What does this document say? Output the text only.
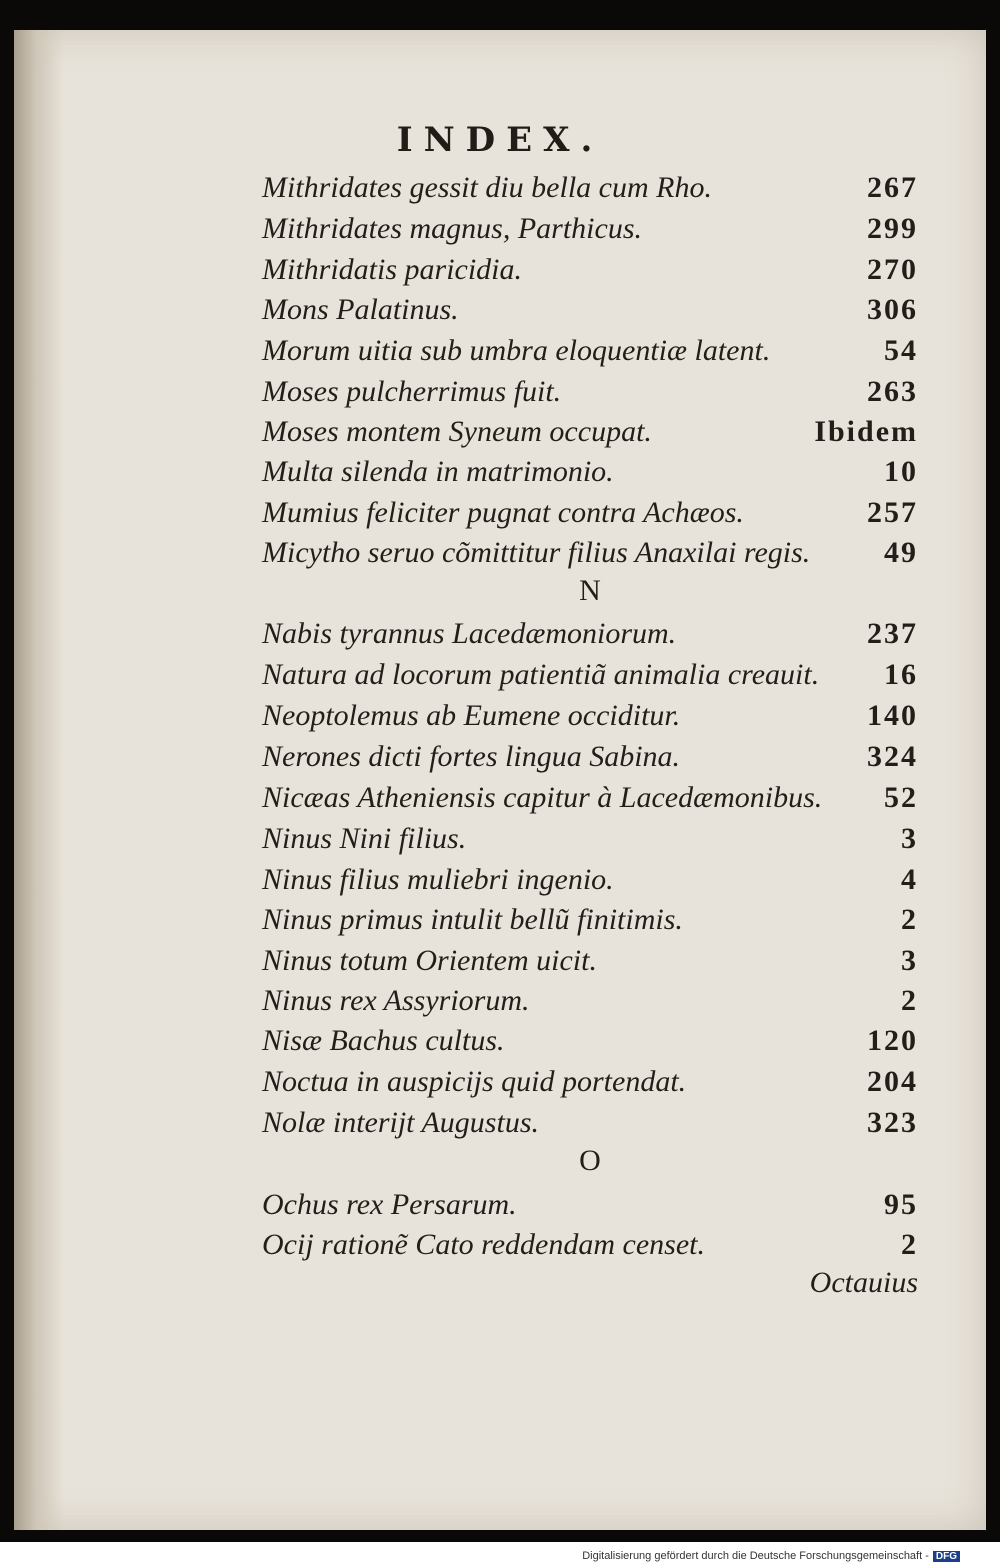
INDEX.
Mithridates gessit diu bella cum Rho.	267
Mithridates magnus, Parthicus.	299
Mithridatis paricidia.	270
Mons Palatinus.	306
Morum uitia sub umbra eloquentiæ latent.	54
Moses pulcherrimus fuit.	263
Moses montem Syneum occupat.	Ibidem
Multa silenda in matrimonio.	10
Mumius feliciter pugnat contra Achæos.	257
Micytho seruo cõmittitur filius Anaxilai regis. 49
N
Nabis tyrannus Lacedæmoniorum.	237
Natura ad locorum patientiã animalia creauit. 16
Neoptolemus ab Eumene occiditur.	140
Nerones dicti fortes lingua Sabina.	324
Nicæas Atheniensis capitur à Lacedæmonibus. 52
Ninus Nini filius.	3
Ninus filius muliebri ingenio.	4
Ninus primus intulit bellũ finitimis.	2
Ninus totum Orientem uicit.	3
Ninus rex Assyriorum.	2
Nisæ Bachus cultus.	120
Noctua in auspicijs quid portendat.	204
Nolæ interijt Augustus.	323
O
Ochus rex Persarum.	95
Ocij rationẽ Cato reddendam censet.	2
Octauius
Digitalisierung gefördert durch die Deutsche Forschungsgemeinschaft - DFG
